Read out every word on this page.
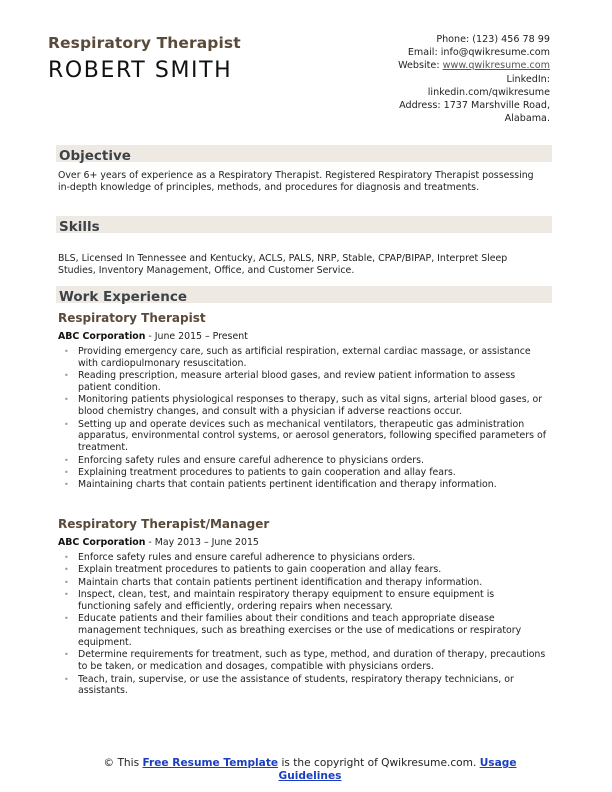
Respiratory Therapist
ROBERT SMITH
Phone: (123) 456 78 99
Email: info@qwikresume.com
Website: www.qwikresume.com
LinkedIn:
linkedin.com/qwikresume
Address: 1737 Marshville Road,
Alabama.
Objective
Over 6+ years of experience as a Respiratory Therapist. Registered Respiratory Therapist possessing in-depth knowledge of principles, methods, and procedures for diagnosis and treatments.
Skills
BLS, Licensed In Tennessee and Kentucky, ACLS, PALS, NRP, Stable, CPAP/BIPAP, Interpret Sleep Studies, Inventory Management, Office, and Customer Service.
Work Experience
Respiratory Therapist
ABC Corporation - June 2015 – Present
• Providing emergency care, such as artificial respiration, external cardiac massage, or assistance with cardiopulmonary resuscitation.
• Reading prescription, measure arterial blood gases, and review patient information to assess patient condition.
• Monitoring patients physiological responses to therapy, such as vital signs, arterial blood gases, or blood chemistry changes, and consult with a physician if adverse reactions occur.
• Setting up and operate devices such as mechanical ventilators, therapeutic gas administration apparatus, environmental control systems, or aerosol generators, following specified parameters of treatment.
• Enforcing safety rules and ensure careful adherence to physicians orders.
• Explaining treatment procedures to patients to gain cooperation and allay fears.
• Maintaining charts that contain patients pertinent identification and therapy information.
Respiratory Therapist/Manager
ABC Corporation - May 2013 – June 2015
• Enforce safety rules and ensure careful adherence to physicians orders.
• Explain treatment procedures to patients to gain cooperation and allay fears.
• Maintain charts that contain patients pertinent identification and therapy information.
• Inspect, clean, test, and maintain respiratory therapy equipment to ensure equipment is functioning safely and efficiently, ordering repairs when necessary.
• Educate patients and their families about their conditions and teach appropriate disease management techniques, such as breathing exercises or the use of medications or respiratory equipment.
• Determine requirements for treatment, such as type, method, and duration of therapy, precautions to be taken, or medication and dosages, compatible with physicians orders.
• Teach, train, supervise, or use the assistance of students, respiratory therapy technicians, or assistants.
© This Free Resume Template is the copyright of Qwikresume.com. Usage Guidelines
